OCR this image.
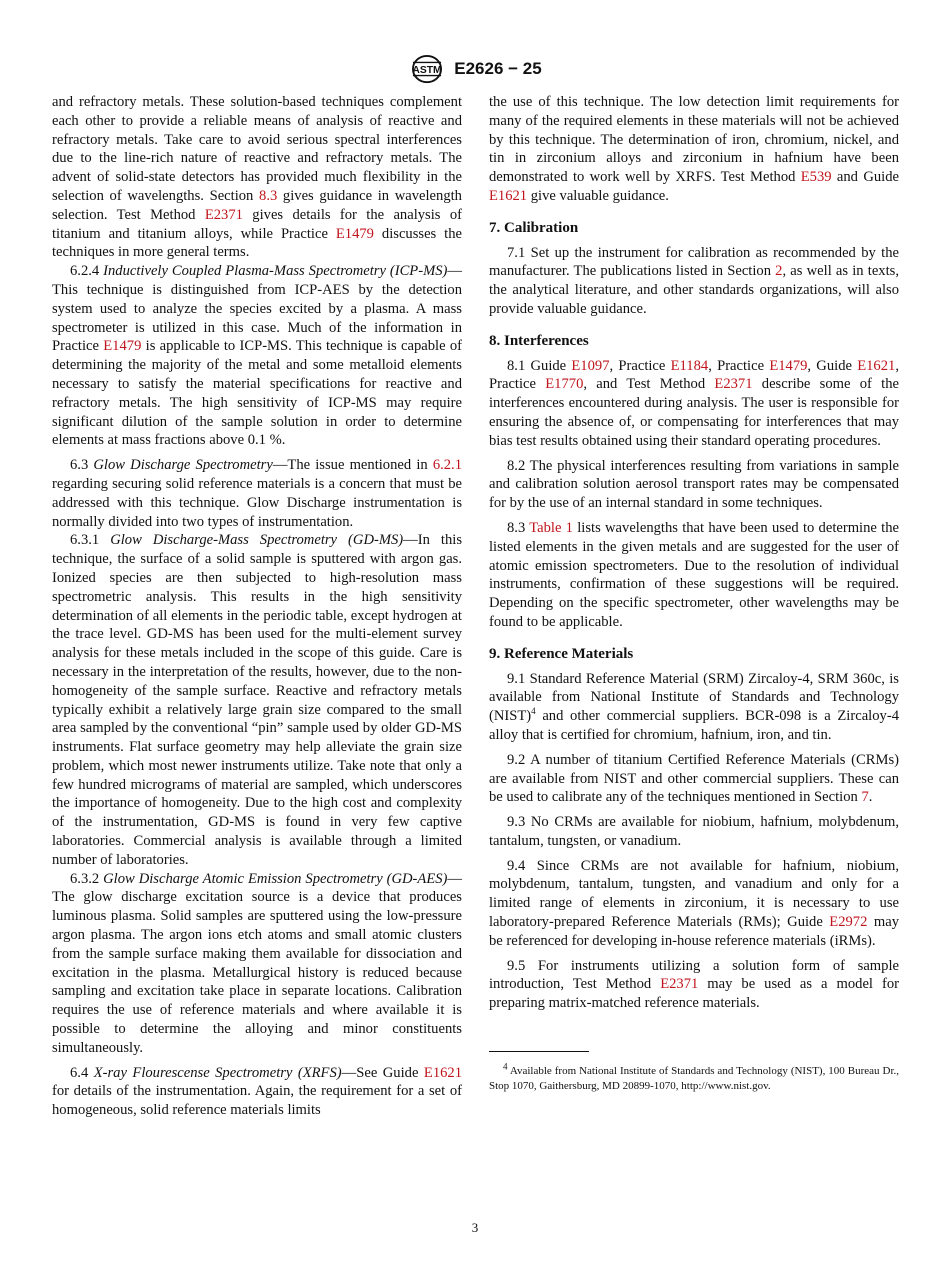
ASTM E2626 − 25

and refractory metals. These solution-based techniques complement each other to provide a reliable means of analysis of reactive and refractory metals. Take care to avoid serious spectral interferences due to the line-rich nature of reactive and refractory metals. The advent of solid-state detectors has provided much flexibility in the selection of wavelengths. Section 8.3 gives guidance in wavelength selection. Test Method E2371 gives details for the analysis of titanium and titanium alloys, while Practice E1479 discusses the techniques in more general terms.

6.2.4 Inductively Coupled Plasma-Mass Spectrometry (ICP-MS)—This technique is distinguished from ICP-AES by the detection system used to analyze the species excited by a plasma. A mass spectrometer is utilized in this case. Much of the information in Practice E1479 is applicable to ICP-MS. This technique is capable of determining the majority of the metal and some metalloid elements necessary to satisfy the material specifications for reactive and refractory metals. The high sensitivity of ICP-MS may require significant dilution of the sample solution in order to determine elements at mass fractions above 0.1 %.

6.3 Glow Discharge Spectrometry—The issue mentioned in 6.2.1 regarding securing solid reference materials is a concern that must be addressed with this technique. Glow Discharge instrumentation is normally divided into two types of instrumentation.

6.3.1 Glow Discharge-Mass Spectrometry (GD-MS)—In this technique, the surface of a solid sample is sputtered with argon gas. Ionized species are then subjected to high-resolution mass spectrometric analysis. This results in the high sensitivity determination of all elements in the periodic table, except hydrogen at the trace level. GD-MS has been used for the multi-element survey analysis for these metals included in the scope of this guide. Care is necessary in the interpretation of the results, however, due to the non-homogeneity of the sample surface. Reactive and refractory metals typically exhibit a relatively large grain size compared to the small area sampled by the conventional “pin” sample used by older GD-MS instruments. Flat surface geometry may help alleviate the grain size problem, which most newer instruments utilize. Take note that only a few hundred micrograms of material are sampled, which underscores the importance of homogeneity. Due to the high cost and complexity of the instrumentation, GD-MS is found in very few captive laboratories. Commercial analysis is available through a limited number of laboratories.

6.3.2 Glow Discharge Atomic Emission Spectrometry (GD-AES)—The glow discharge excitation source is a device that produces luminous plasma. Solid samples are sputtered using the low-pressure argon plasma. The argon ions etch atoms and small atomic clusters from the sample surface making them available for dissociation and excitation in the plasma. Metallurgical history is reduced because sampling and excitation take place in separate locations. Calibration requires the use of reference materials and where available it is possible to determine the alloying and minor constituents simultaneously.

6.4 X-ray Flourescense Spectrometry (XRFS)—See Guide E1621 for details of the instrumentation. Again, the requirement for a set of homogeneous, solid reference materials limits

the use of this technique. The low detection limit requirements for many of the required elements in these materials will not be achieved by this technique. The determination of iron, chromium, nickel, and tin in zirconium alloys and zirconium in hafnium have been demonstrated to work well by XRFS. Test Method E539 and Guide E1621 give valuable guidance.

7. Calibration

7.1 Set up the instrument for calibration as recommended by the manufacturer. The publications listed in Section 2, as well as in texts, the analytical literature, and other standards organizations, will also provide valuable guidance.

8. Interferences

8.1 Guide E1097, Practice E1184, Practice E1479, Guide E1621, Practice E1770, and Test Method E2371 describe some of the interferences encountered during analysis. The user is responsible for ensuring the absence of, or compensating for interferences that may bias test results obtained using their standard operating procedures.

8.2 The physical interferences resulting from variations in sample and calibration solution aerosol transport rates may be compensated for by the use of an internal standard in some techniques.

8.3 Table 1 lists wavelengths that have been used to determine the listed elements in the given metals and are suggested for the user of atomic emission spectrometers. Due to the resolution of individual instruments, confirmation of these suggestions will be required. Depending on the specific spectrometer, other wavelengths may be found to be applicable.

9. Reference Materials

9.1 Standard Reference Material (SRM) Zircaloy-4, SRM 360c, is available from National Institute of Standards and Technology (NIST)$^4$ and other commercial suppliers. BCR-098 is a Zircaloy-4 alloy that is certified for chromium, hafnium, iron, and tin.

9.2 A number of titanium Certified Reference Materials (CRMs) are available from NIST and other commercial suppliers. These can be used to calibrate any of the techniques mentioned in Section 7.

9.3 No CRMs are available for niobium, hafnium, molybdenum, tantalum, tungsten, or vanadium.

9.4 Since CRMs are not available for hafnium, niobium, molybdenum, tantalum, tungsten, and vanadium and only for a limited range of elements in zirconium, it is necessary to use laboratory-prepared Reference Materials (RMs); Guide E2972 may be referenced for developing in-house reference materials (iRMs).

9.5 For instruments utilizing a solution form of sample introduction, Test Method E2371 may be used as a model for preparing matrix-matched reference materials.

$^4$ Available from National Institute of Standards and Technology (NIST), 100 Bureau Dr., Stop 1070, Gaithersburg, MD 20899-1070, http://www.nist.gov.

3
